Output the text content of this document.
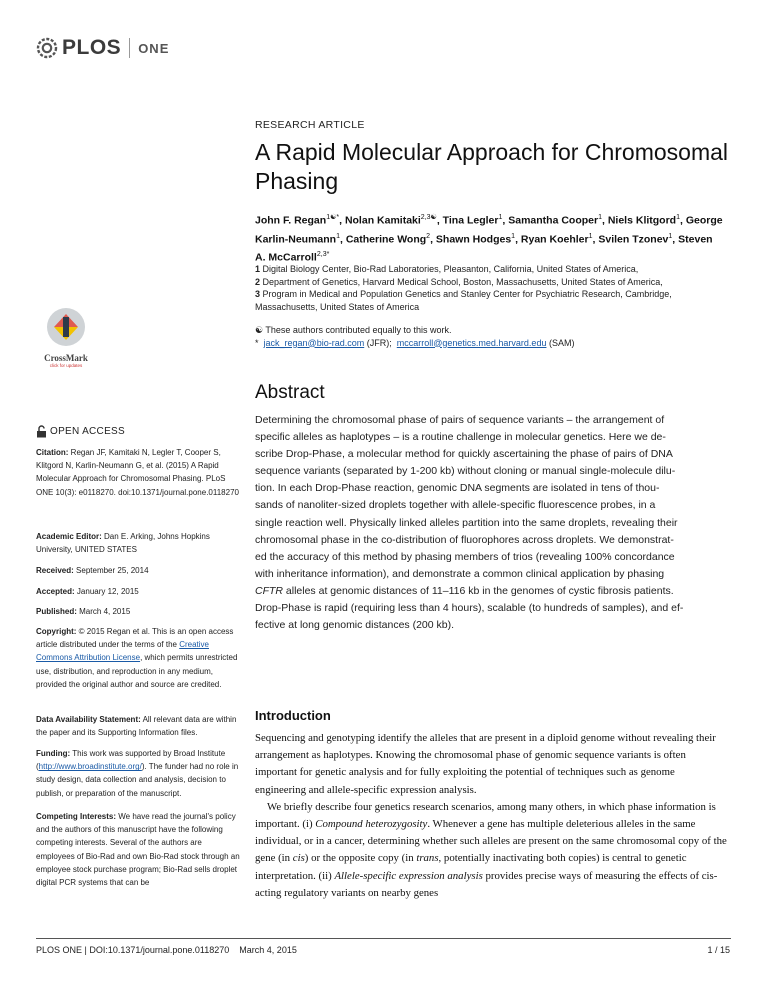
PLOS ONE
RESEARCH ARTICLE
A Rapid Molecular Approach for Chromosomal Phasing
John F. Regan$^{1☯*}$, Nolan Kamitaki$^{2,3☯}$, Tina Legler$^1$, Samantha Cooper$^1$, Niels Klitgord$^1$, George Karlin-Neumann$^1$, Catherine Wong$^2$, Shawn Hodges$^1$, Ryan Koehler$^1$, Svilen Tzonev$^1$, Steven A. McCarroll$^{2,3*}$
1 Digital Biology Center, Bio-Rad Laboratories, Pleasanton, California, United States of America,
2 Department of Genetics, Harvard Medical School, Boston, Massachusetts, United States of America,
3 Program in Medical and Population Genetics and Stanley Center for Psychiatric Research, Cambridge, Massachusetts, United States of America
☯ These authors contributed equally to this work.
* jack_regan@bio-rad.com (JFR); mccarroll@genetics.med.harvard.edu (SAM)
CrossMark
click for updates
OPEN ACCESS
Citation: Regan JF, Kamitaki N, Legler T, Cooper S, Klitgord N, Karlin-Neumann G, et al. (2015) A Rapid Molecular Approach for Chromosomal Phasing. PLoS ONE 10(3): e0118270. doi:10.1371/journal.pone.0118270
Academic Editor: Dan E. Arking, Johns Hopkins University, UNITED STATES
Received: September 25, 2014
Accepted: January 12, 2015
Published: March 4, 2015
Copyright: © 2015 Regan et al. This is an open access article distributed under the terms of the Creative Commons Attribution License, which permits unrestricted use, distribution, and reproduction in any medium, provided the original author and source are credited.
Data Availability Statement: All relevant data are within the paper and its Supporting Information files.
Funding: This work was supported by Broad Institute (http://www.broadinstitute.org/). The funder had no role in study design, data collection and analysis, decision to publish, or preparation of the manuscript.
Competing Interests: We have read the journal's policy and the authors of this manuscript have the following competing interests. Several of the authors are employees of Bio-Rad and own Bio-Rad stock through an employee stock purchase program; Bio-Rad sells droplet digital PCR systems that can be
Abstract
Determining the chromosomal phase of pairs of sequence variants – the arrangement of
specific alleles as haplotypes – is a routine challenge in molecular genetics. Here we de-
scribe Drop-Phase, a molecular method for quickly ascertaining the phase of pairs of DNA
sequence variants (separated by 1-200 kb) without cloning or manual single-molecule dilu-
tion. In each Drop-Phase reaction, genomic DNA segments are isolated in tens of thou-
sands of nanoliter-sized droplets together with allele-specific fluorescence probes, in a
single reaction well. Physically linked alleles partition into the same droplets, revealing their
chromosomal phase in the co-distribution of fluorophores across droplets. We demonstrat-
ed the accuracy of this method by phasing members of trios (revealing 100% concordance
with inheritance information), and demonstrate a common clinical application by phasing
CFTR alleles at genomic distances of 11–116 kb in the genomes of cystic fibrosis patients.
Drop-Phase is rapid (requiring less than 4 hours), scalable (to hundreds of samples), and ef-
fective at long genomic distances (200 kb).
Introduction

Sequencing and genotyping identify the alleles that are present in a diploid genome without revealing their arrangement as haplotypes. Knowing the chromosomal phase of genomic sequence variants is often important for genetic analysis and for fully exploiting the potential of techniques such as genome engineering and allele-specific expression analysis.

We briefly describe four genetics research scenarios, among many others, in which phase information is important. (i) Compound heterozygosity. Whenever a gene has multiple deleterious alleles in the same individual, or in a cancer, determining whether such alleles are present on the same chromosomal copy of the gene (in cis) or the opposite copy (in trans, potentially inactivating both copies) is central to genetic interpretation. (ii) Allele-specific expression analysis provides precise ways of measuring the effects of cis-acting regulatory variants on nearby genes

PLOS ONE | DOI:10.1371/journal.pone.0118270    March 4, 2015	1 / 15
